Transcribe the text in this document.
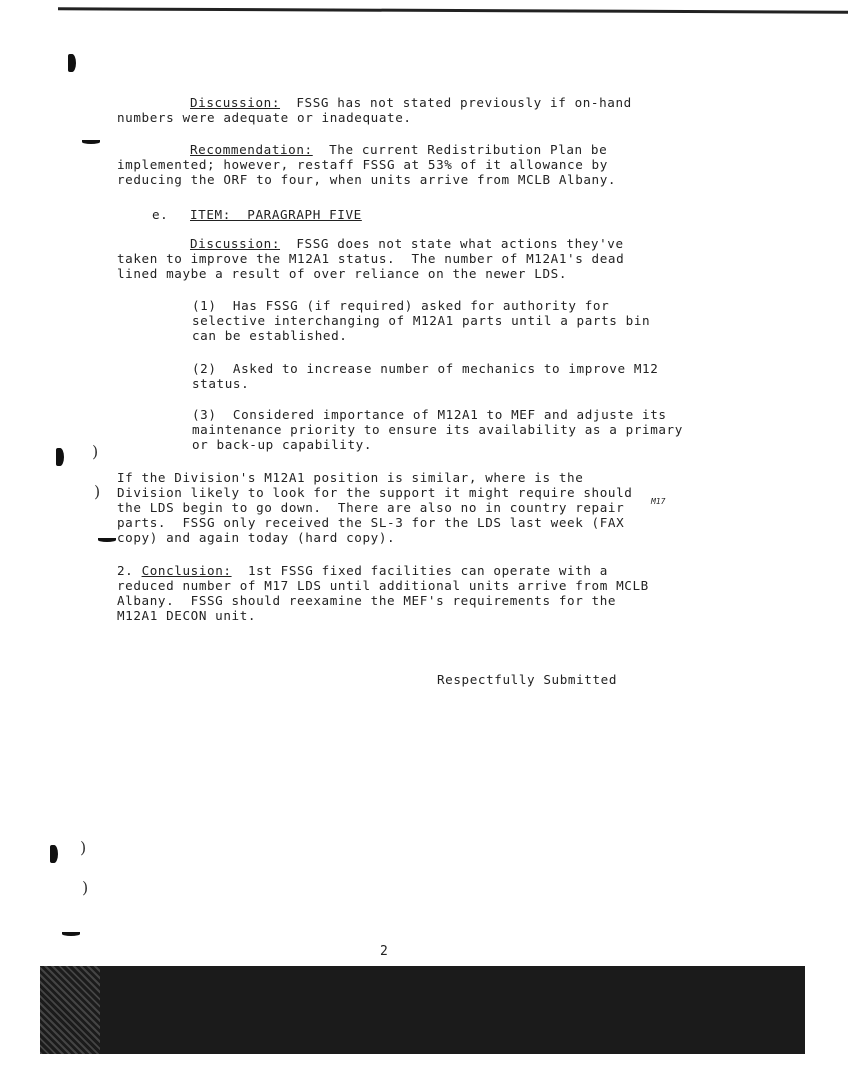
)
)
)
)
Discussion:  FSSG has not stated previously if on-hand
numbers were adequate or inadequate.
Recommendation:  The current Redistribution Plan be
implemented; however, restaff FSSG at 53% of it allowance by
reducing the ORF to four, when units arrive from MCLB Albany.
e. ITEM:  PARAGRAPH FIVE
Discussion:  FSSG does not state what actions they've
taken to improve the M12A1 status.  The number of M12A1's dead
lined maybe a result of over reliance on the newer LDS.
(1)  Has FSSG (if required) asked for authority for
selective interchanging of M12A1 parts until a parts bin
can be established.
(2)  Asked to increase number of mechanics to improve M12
status.
(3)  Considered importance of M12A1 to MEF and adjuste its
maintenance priority to ensure its availability as a primary
or back-up capability.
If the Division's M12A1 position is similar, where is the
Division likely to look for the support it might require should
M17
the LDS begin to go down.  There are also no in country repair
parts.  FSSG only received the SL-3 for the LDS last week (FAX
copy) and again today (hard copy).
2. Conclusion:  1st FSSG fixed facilities can operate with a
reduced number of M17 LDS until additional units arrive from MCLB
Albany.  FSSG should reexamine the MEF's requirements for the
M12A1 DECON unit.
Respectfully Submitted
2
